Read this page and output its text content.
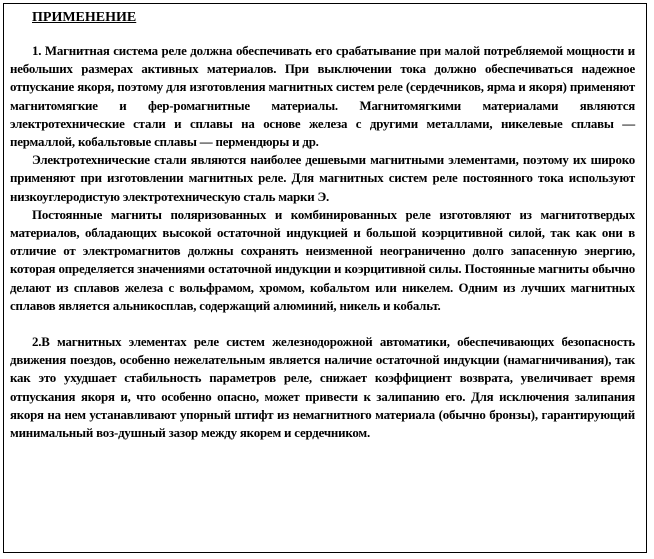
ПРИМЕНЕНИЕ

1. Магнитная система реле должна обеспечивать его срабатывание при малой потребляемой мощности и небольших размерах активных материалов. При выключении тока должно обеспечиваться надежное отпускание якоря, поэтому для изготовления магнитных систем реле (сердечников, ярма и якоря) применяют магнитомягкие и фер-ромагнитные материалы. Магнитомягкими материалами являются электротехнические стали и сплавы на основе железа с другими металлами, никелевые сплавы — пермаллой, кобальтовые сплавы — пермендюры и др.

Электротехнические стали являются наиболее дешевыми магнитными элементами, поэтому их широко применяют при изготовлении магнитных реле. Для магнитных систем реле постоянного тока используют низкоуглеродистую электротехническую сталь марки Э.

Постоянные магниты поляризованных и комбинированных реле изготовляют из магнитотвердых материалов, обладающих высокой остаточной индукцией и большой коэрцитивной силой, так как они в отличие от электромагнитов должны сохранять неизменной неограниченно долго запасенную энергию, которая определяется значениями остаточной индукции и коэрцитивной силы. Постоянные магниты обычно делают из сплавов железа с вольфрамом, хромом, кобальтом или никелем. Одним из лучших магнитных сплавов является альникосплав, содержащий алюминий, никель и кобальт.

2.В магнитных элементах реле систем железнодорожной автоматики, обеспечивающих безопасность движения поездов, особенно нежелательным является наличие остаточной индукции (намагничивания), так как это ухудшает стабильность параметров реле, снижает коэффициент возврата, увеличивает время отпускания якоря и, что особенно опасно, может привести к залипанию его. Для исключения залипания якоря на нем устанавливают упорный штифт из немагнитного материала (обычно бронзы), гарантирующий минимальный воз-душный зазор между якорем и сердечником.
